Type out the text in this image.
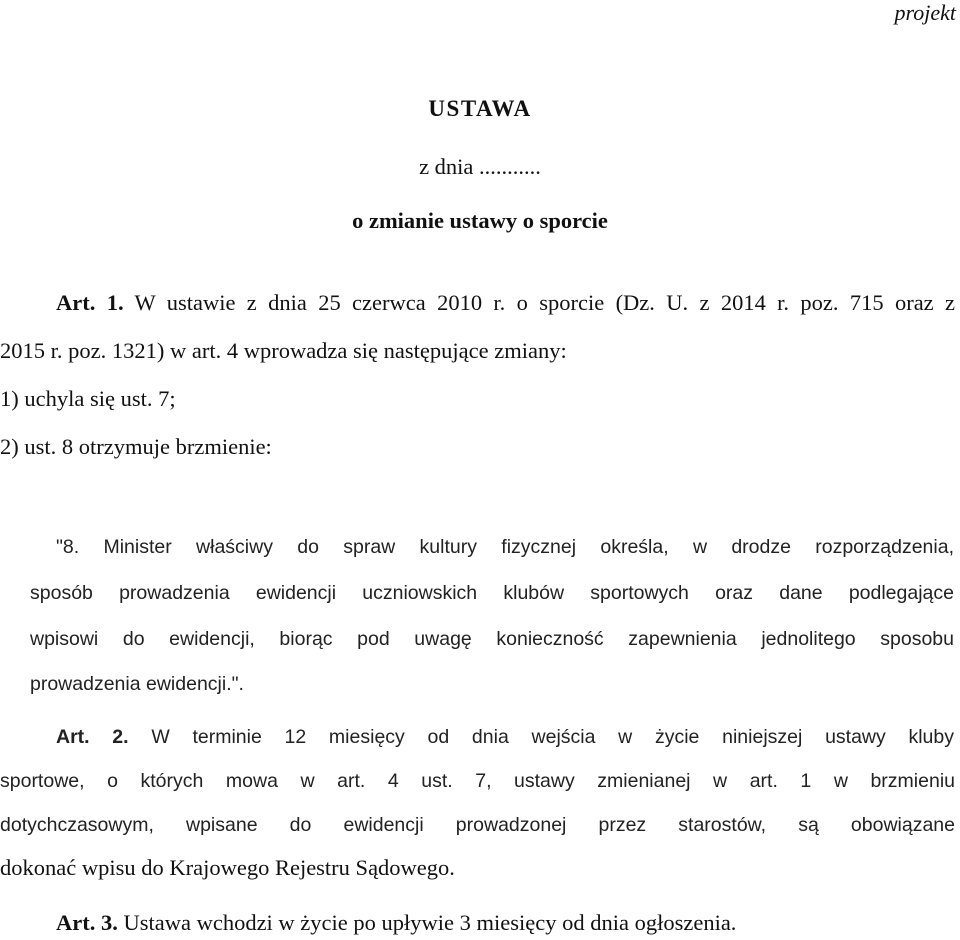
projekt
USTAWA
z dnia ...........
o zmianie ustawy o sporcie
Art. 1. W ustawie z dnia 25 czerwca 2010 r. o sporcie (Dz. U. z 2014 r. poz. 715 oraz z
2015 r. poz. 1321) w art. 4 wprowadza się następujące zmiany:
1) uchyla się ust. 7;
2) ust. 8 otrzymuje brzmienie:
"8. Minister właściwy do spraw kultury fizycznej określa, w drodze rozporządzenia,
sposób prowadzenia ewidencji uczniowskich klubów sportowych oraz dane podlegające
wpisowi do ewidencji, biorąc pod uwagę konieczność zapewnienia jednolitego sposobu
prowadzenia ewidencji.".
Art. 2. W terminie 12 miesięcy od dnia wejścia w życie niniejszej ustawy kluby
sportowe, o których mowa w art. 4 ust. 7, ustawy zmienianej w art. 1 w brzmieniu
dotychczasowym, wpisane do ewidencji prowadzonej przez starostów, są obowiązane
dokonać wpisu do Krajowego Rejestru Sądowego.
Art. 3. Ustawa wchodzi w życie po upływie 3 miesięcy od dnia ogłoszenia.
